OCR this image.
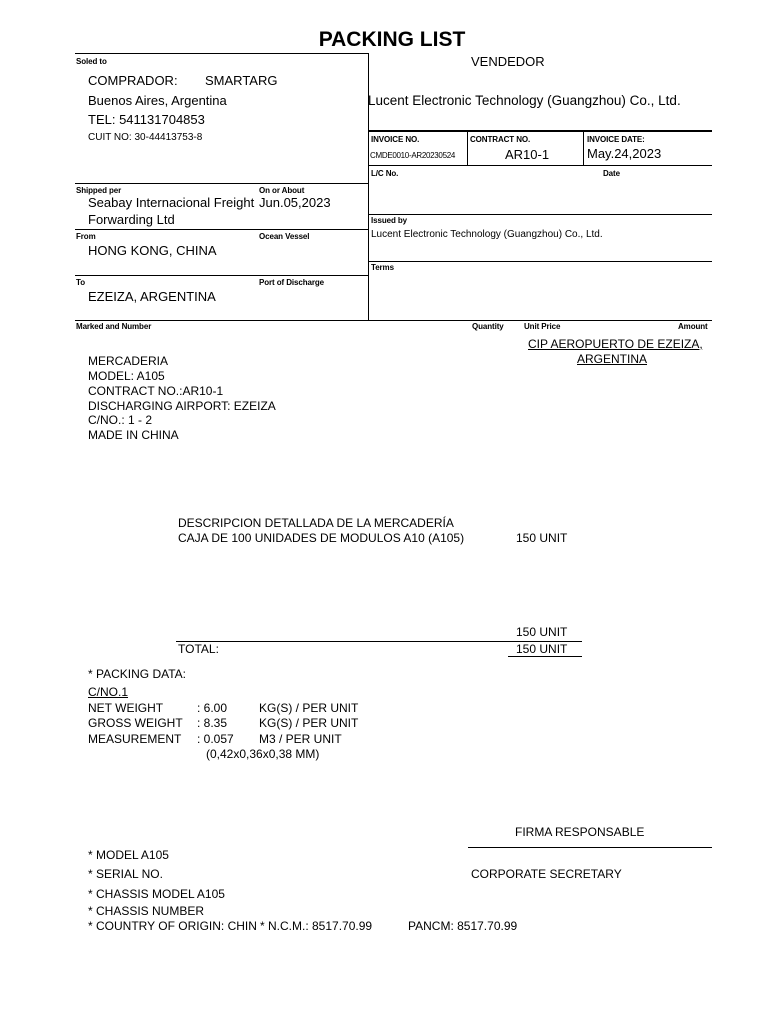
PACKING LIST
Soled to
COMPRADOR: SMARTARG
Buenos Aires, Argentina
TEL: 541131704853
CUIT NO: 30-44413753-8
VENDEDOR
Lucent Electronic Technology (Guangzhou) Co., Ltd.
INVOICE NO.
CMDE0010-AR20230524
CONTRACT NO.
AR10-1
INVOICE DATE:
May.24,2023
L/C No.	Date
Issued by
Lucent Electronic Technology (Guangzhou) Co., Ltd.
Terms
Shipped per
Seabay Internacional Freight
Forwarding Ltd
On or About
Jun.05,2023
From
HONG KONG, CHINA
Ocean Vessel
To
EZEIZA, ARGENTINA
Port of Discharge
Marked and Number	Quantity	Unit Price	Amount
CIP AEROPUERTO DE EZEIZA,
ARGENTINA
MERCADERIA
MODEL: A105
CONTRACT NO.:AR10-1
DISCHARGING AIRPORT: EZEIZA
C/NO.: 1 - 2
MADE IN CHINA
DESCRIPCION DETALLADA DE LA MERCADERÍA
CAJA DE 100 UNIDADES DE MODULOS A10 (A105)	150 UNIT
150 UNIT
TOTAL:	150 UNIT
* PACKING DATA:
C/NO.1
NET WEIGHT	: 6.00	KG(S) / PER UNIT
GROSS WEIGHT	: 8.35	KG(S) / PER UNIT
MEASUREMENT	: 0.057 M3 / PER UNIT
(0,42x0,36x0,38 MM)
FIRMA RESPONSABLE
CORPORATE SECRETARY
* MODEL A105
* SERIAL NO.
* CHASSIS MODEL A105
* CHASSIS NUMBER
* COUNTRY OF ORIGIN: CHIN * N.C.M.: 8517.70.99	PANCM: 8517.70.99
